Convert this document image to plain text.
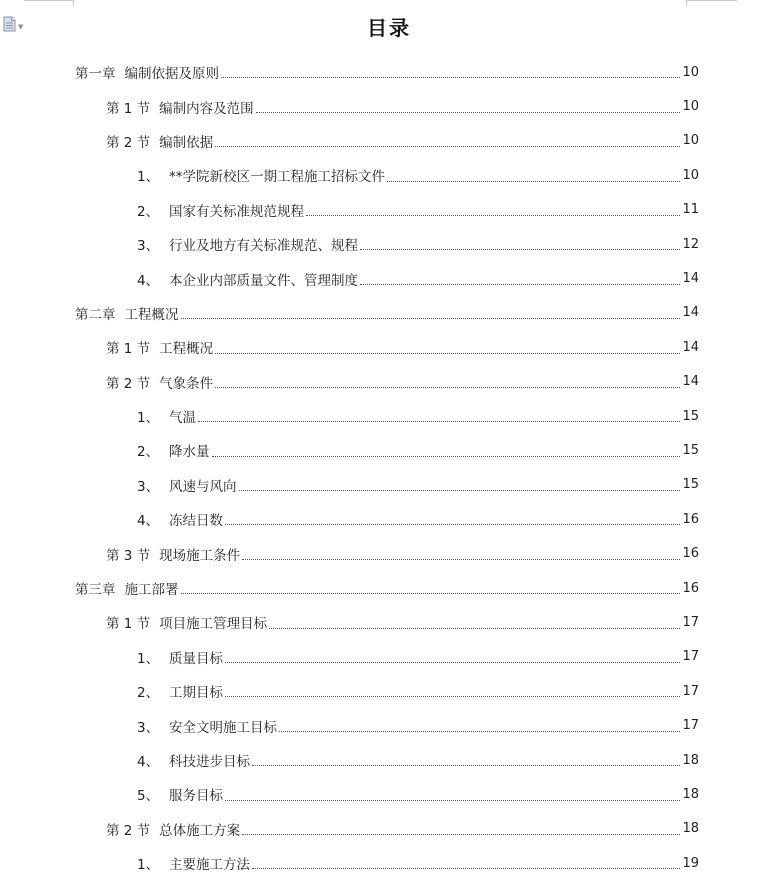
▼	目录
第一章 编制依据及原则	10
第 1 节 编制内容及范围	10
第 2 节 编制依据	10
1、 **学院新校区一期工程施工招标文件	10
2、 国家有关标准规范规程	11
3、 行业及地方有关标准规范、规程	12
4、 本企业内部质量文件、管理制度	14
第二章 工程概况	14
第 1 节 工程概况	14
第 2 节 气象条件	14
1、 气温	15
2、 降水量	15
3、 风速与风向	15
4、 冻结日数	16
第 3 节 现场施工条件	16
第三章 施工部署	16
第 1 节 项目施工管理目标	17
1、 质量目标	17
2、 工期目标	17
3、 安全文明施工目标	17
4、 科技进步目标	18
5、 服务目标	18
第 2 节 总体施工方案	18
1、 主要施工方法	19
